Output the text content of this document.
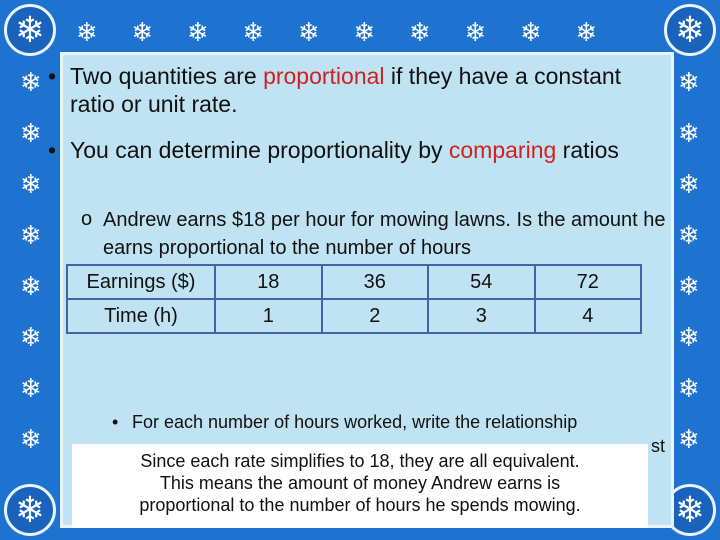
❄ ❄ ❄ ❄ ❄ ❄ ❄ ❄ ❄ ❄
❄	❄
❄	❄
❄	❄
❄	❄
❄	❄
❄	❄
❄	❄
❄	❄
❄	❄
❄	❄
• Two quantities are proportional if they have a constant ratio or unit rate.
• You can determine proportionality by comparing ratios
o Andrew earns $18 per hour for mowing lawns. Is the amount he earns proportional to the number of hours
Earnings ($)	18	36	54	72
Time (h)	1	2	3	4
• For each number of hours worked, write the relationship
st
Since each rate simplifies to 18, they are all equivalent.
This means the amount of money Andrew earns is
proportional to the number of hours he spends mowing.
